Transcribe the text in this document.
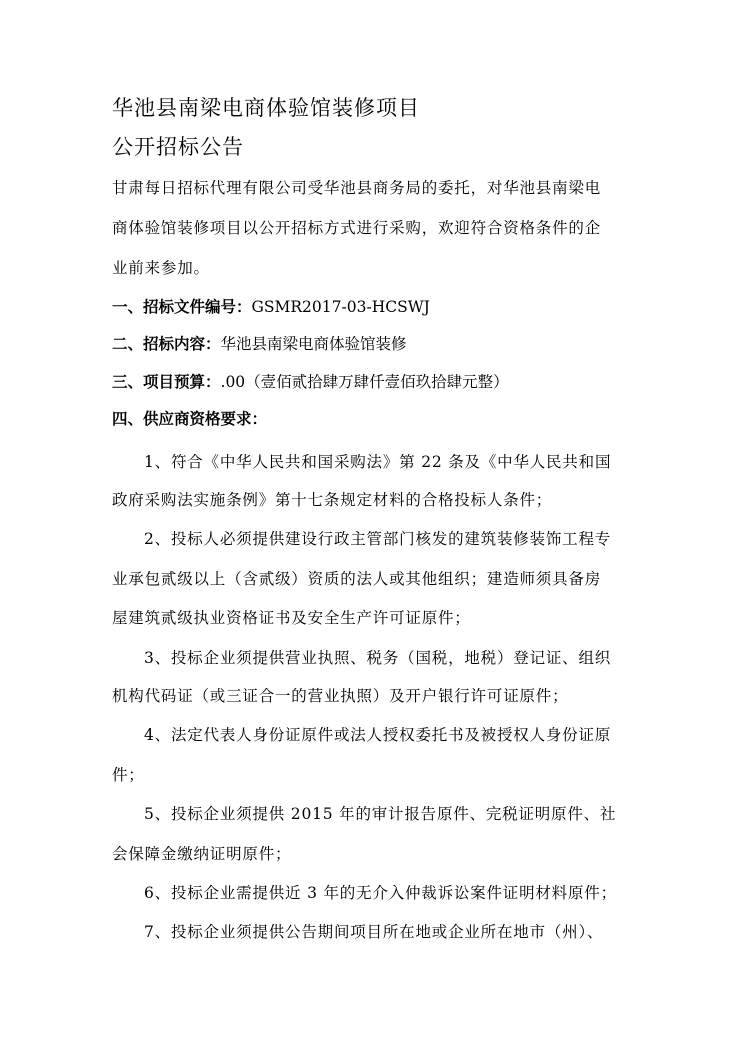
华池县南梁电商体验馆装修项目
公开招标公告
甘肃每日招标代理有限公司受华池县商务局的委托，对华池县南梁电
商体验馆装修项目以公开招标方式进行采购，欢迎符合资格条件的企
业前来参加。
一、招标文件编号：GSMR2017-03-HCSWJ
二、招标内容：华池县南梁电商体验馆装修
三、项目预算：.00（壹佰贰拾肆万肆仟壹佰玖拾肆元整）
四、供应商资格要求：
1、符合《中华人民共和国采购法》第 22 条及《中华人民共和国
政府采购法实施条例》第十七条规定材料的合格投标人条件；
2、投标人必须提供建设行政主管部门核发的建筑装修装饰工程专
业承包贰级以上（含贰级）资质的法人或其他组织；建造师须具备房
屋建筑贰级执业资格证书及安全生产许可证原件；
3、投标企业须提供营业执照、税务（国税，地税）登记证、组织
机构代码证（或三证合一的营业执照）及开户银行许可证原件；
4、法定代表人身份证原件或法人授权委托书及被授权人身份证原
件；
5、投标企业须提供 2015 年的审计报告原件、完税证明原件、社
会保障金缴纳证明原件；
6、投标企业需提供近 3 年的无介入仲裁诉讼案件证明材料原件；
7、投标企业须提供公告期间项目所在地或企业所在地市（州）、
